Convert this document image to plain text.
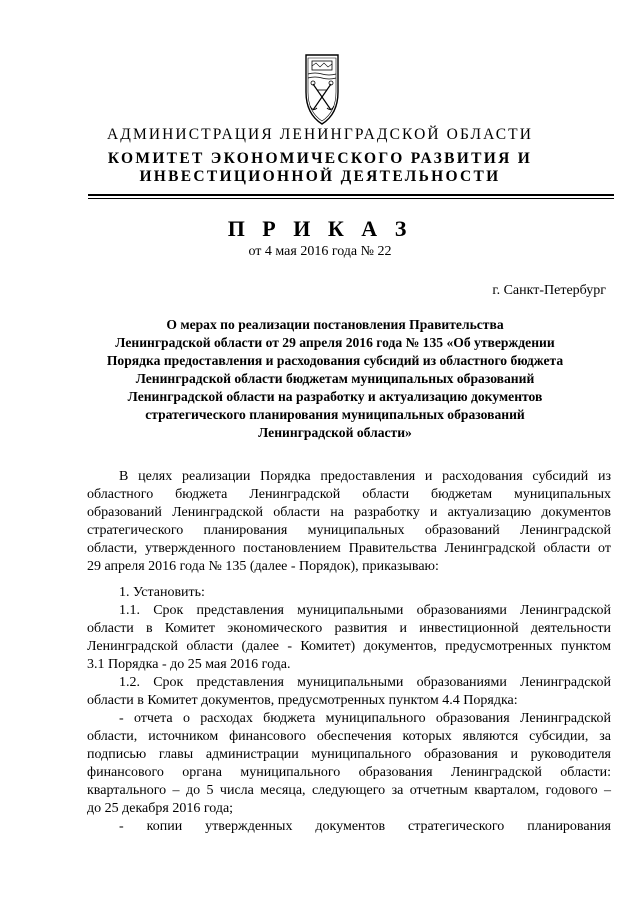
АДМИНИСТРАЦИЯ ЛЕНИНГРАДСКОЙ ОБЛАСТИ
КОМИТЕТ ЭКОНОМИЧЕСКОГО РАЗВИТИЯ И
ИНВЕСТИЦИОННОЙ ДЕЯТЕЛЬНОСТИ
П Р И К А З
от 4 мая 2016 года № 22
г. Санкт-Петербург
О мерах по реализации постановления Правительства
Ленинградской области от 29 апреля 2016 года № 135 «Об утверждении
Порядка предоставления и расходования субсидий из областного бюджета
Ленинградской области бюджетам муниципальных образований
Ленинградской области на разработку и актуализацию документов
стратегического планирования муниципальных образований
Ленинградской области»
В целях реализации Порядка предоставления и расходования субсидий из
областного бюджета Ленинградской области бюджетам муниципальных
образований Ленинградской области на разработку и актуализацию документов
стратегического планирования муниципальных образований Ленинградской
области, утвержденного постановлением Правительства Ленинградской области от
29 апреля 2016 года № 135 (далее - Порядок), приказываю:
1. Установить:
1.1. Срок представления муниципальными образованиями Ленинградской
области в Комитет экономического развития и инвестиционной деятельности
Ленинградской области (далее - Комитет) документов, предусмотренных пунктом
3.1 Порядка - до 25 мая 2016 года.
1.2. Срок представления муниципальными образованиями Ленинградской
области в Комитет документов, предусмотренных пунктом 4.4 Порядка:
- отчета о расходах бюджета муниципального образования Ленинградской
области, источником финансового обеспечения которых являются субсидии, за
подписью главы администрации муниципального образования и руководителя
финансового органа муниципального образования Ленинградской области:
квартального – до 5 числа месяца, следующего за отчетным кварталом, годового –
до 25 декабря 2016 года;
- копии утвержденных документов стратегического планирования
